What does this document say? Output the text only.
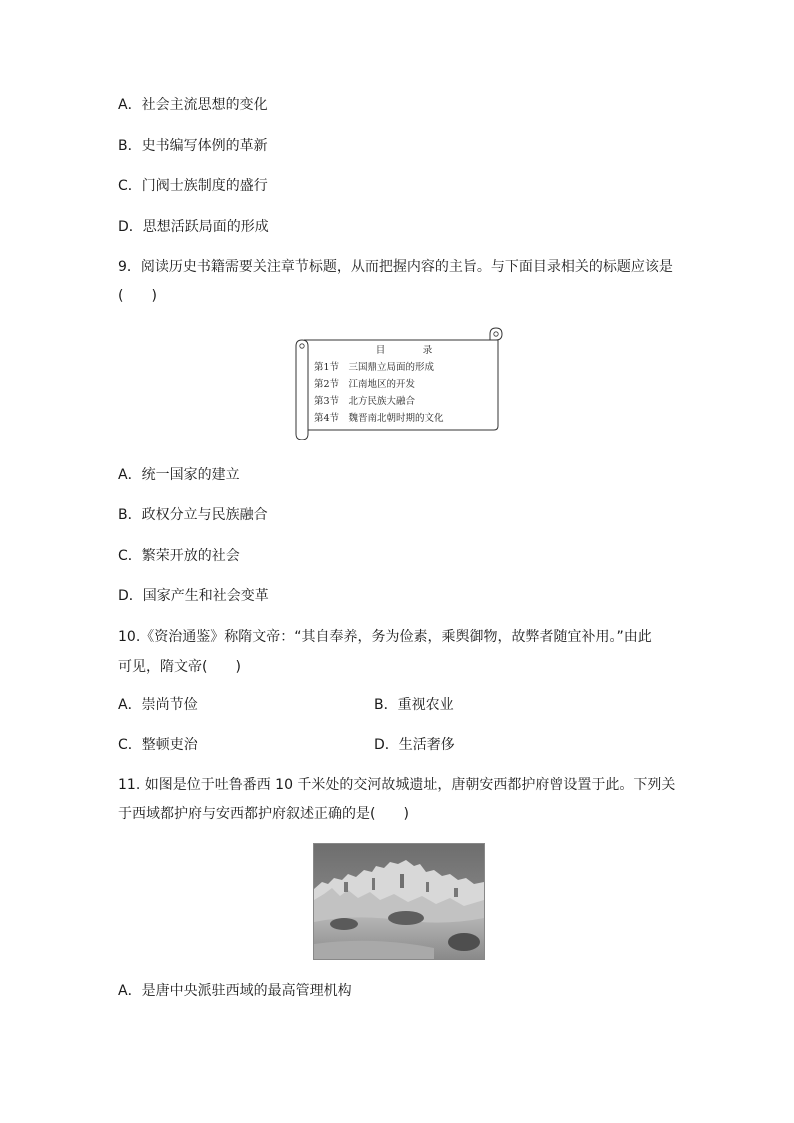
A．社会主流思想的变化
B．史书编写体例的革新
C．门阀士族制度的盛行
D．思想活跃局面的形成
9．阅读历史书籍需要关注章节标题，从而把握内容的主旨。与下面目录相关的标题应该是
(　　)
目　录
第1节　三国鼎立局面的形成
第2节　江南地区的开发
第3节　北方民族大融合
第4节　魏晋南北朝时期的文化
A．统一国家的建立
B．政权分立与民族融合
C．繁荣开放的社会
D．国家产生和社会变革
10.《资治通鉴》称隋文帝：“其自奉养，务为俭素，乘舆御物，故弊者随宜补用。”由此
可见，隋文帝(　　)
A．崇尚节俭	B．重视农业
C．整顿吏治	D．生活奢侈
11. 如图是位于吐鲁番西 10 千米处的交河故城遗址，唐朝安西都护府曾设置于此。下列关
于西域都护府与安西都护府叙述正确的是(　　)
A．是唐中央派驻西域的最高管理机构
